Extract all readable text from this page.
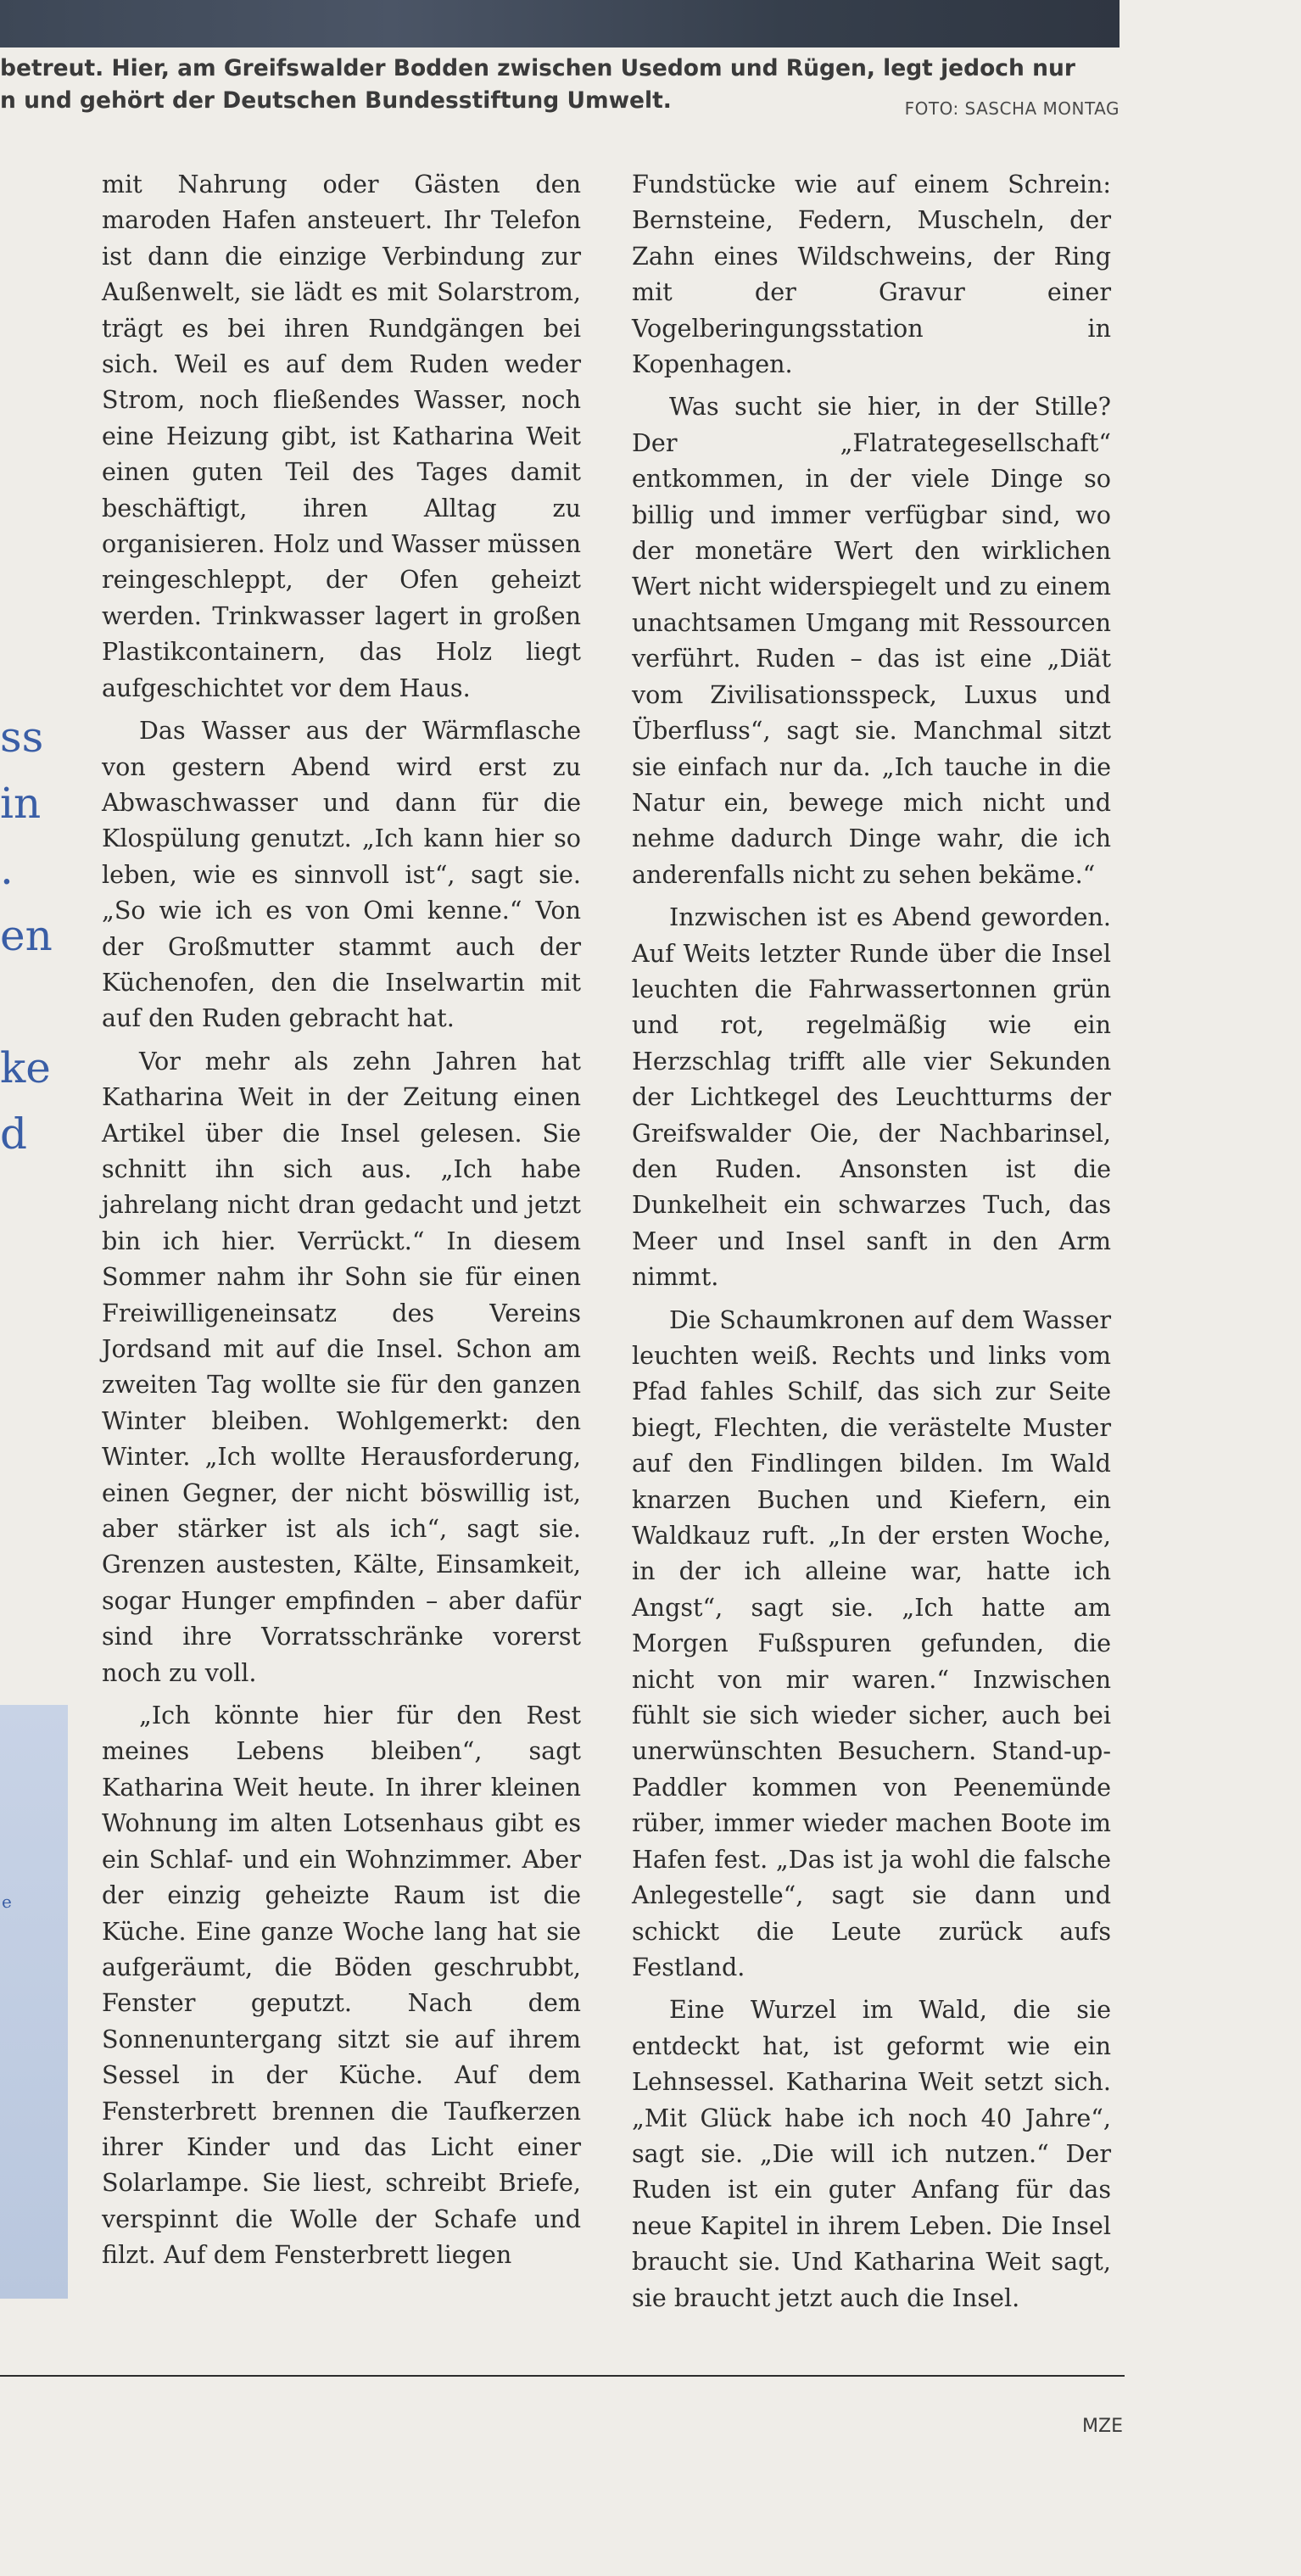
betreut. Hier, am Greifswalder Bodden zwischen Usedom und Rügen, legt jedoch nur
n und gehört der Deutschen Bundesstiftung Umwelt.	FOTO: SASCHA MONTAG
ss
in
.
en
ke
d
e

mit Nahrung oder Gästen den maroden Hafen ansteuert. Ihr Telefon ist dann die einzige Verbindung zur Außenwelt, sie lädt es mit Solarstrom, trägt es bei ihren Rundgängen bei sich. Weil es auf dem Ruden weder Strom, noch fließendes Wasser, noch eine Heizung gibt, ist Katharina Weit einen guten Teil des Tages damit beschäftigt, ihren Alltag zu organisieren. Holz und Wasser müssen reingeschleppt, der Ofen geheizt werden. Trinkwasser lagert in großen Plastikcontainern, das Holz liegt aufgeschichtet vor dem Haus.

Das Wasser aus der Wärmflasche von gestern Abend wird erst zu Abwaschwasser und dann für die Klospülung genutzt. „Ich kann hier so leben, wie es sinnvoll ist“, sagt sie. „So wie ich es von Omi kenne.“ Von der Großmutter stammt auch der Küchenofen, den die Inselwartin mit auf den Ruden gebracht hat.

Vor mehr als zehn Jahren hat Katharina Weit in der Zeitung einen Artikel über die Insel gelesen. Sie schnitt ihn sich aus. „Ich habe jahrelang nicht dran gedacht und jetzt bin ich hier. Verrückt.“ In diesem Sommer nahm ihr Sohn sie für einen Freiwilligeneinsatz des Vereins Jordsand mit auf die Insel. Schon am zweiten Tag wollte sie für den ganzen Winter bleiben. Wohlgemerkt: den Winter. „Ich wollte Herausforderung, einen Gegner, der nicht böswillig ist, aber stärker ist als ich“, sagt sie. Grenzen austesten, Kälte, Einsamkeit, sogar Hunger empfinden – aber dafür sind ihre Vorratsschränke vorerst noch zu voll.

„Ich könnte hier für den Rest meines Lebens bleiben“, sagt Katharina Weit heute. In ihrer kleinen Wohnung im alten Lotsenhaus gibt es ein Schlaf- und ein Wohnzimmer. Aber der einzig geheizte Raum ist die Küche. Eine ganze Woche lang hat sie aufgeräumt, die Böden geschrubbt, Fenster geputzt. Nach dem Sonnenuntergang sitzt sie auf ihrem Sessel in der Küche. Auf dem Fensterbrett brennen die Taufkerzen ihrer Kinder und das Licht einer Solarlampe. Sie liest, schreibt Briefe, verspinnt die Wolle der Schafe und filzt. Auf dem Fensterbrett liegen

Fundstücke wie auf einem Schrein: Bernsteine, Federn, Muscheln, der Zahn eines Wildschweins, der Ring mit der Gravur einer Vogelberingungsstation in Kopenhagen.

Was sucht sie hier, in der Stille? Der „Flatrategesellschaft“ entkommen, in der viele Dinge so billig und immer verfügbar sind, wo der monetäre Wert den wirklichen Wert nicht widerspiegelt und zu einem unachtsamen Umgang mit Ressourcen verführt. Ruden – das ist eine „Diät vom Zivilisationsspeck, Luxus und Überfluss“, sagt sie. Manchmal sitzt sie einfach nur da. „Ich tauche in die Natur ein, bewege mich nicht und nehme dadurch Dinge wahr, die ich anderenfalls nicht zu sehen bekäme.“

Inzwischen ist es Abend geworden. Auf Weits letzter Runde über die Insel leuchten die Fahrwassertonnen grün und rot, regelmäßig wie ein Herzschlag trifft alle vier Sekunden der Lichtkegel des Leuchtturms der Greifswalder Oie, der Nachbarinsel, den Ruden. Ansonsten ist die Dunkelheit ein schwarzes Tuch, das Meer und Insel sanft in den Arm nimmt.

Die Schaumkronen auf dem Wasser leuchten weiß. Rechts und links vom Pfad fahles Schilf, das sich zur Seite biegt, Flechten, die verästelte Muster auf den Findlingen bilden. Im Wald knarzen Buchen und Kiefern, ein Waldkauz ruft. „In der ersten Woche, in der ich alleine war, hatte ich Angst“, sagt sie. „Ich hatte am Morgen Fußspuren gefunden, die nicht von mir waren.“ Inzwischen fühlt sie sich wieder sicher, auch bei unerwünschten Besuchern. Stand-up-Paddler kommen von Peenemünde rüber, immer wieder machen Boote im Hafen fest. „Das ist ja wohl die falsche Anlegestelle“, sagt sie dann und schickt die Leute zurück aufs Festland.

Eine Wurzel im Wald, die sie entdeckt hat, ist geformt wie ein Lehnsessel. Katharina Weit setzt sich. „Mit Glück habe ich noch 40 Jahre“, sagt sie. „Die will ich nutzen.“ Der Ruden ist ein guter Anfang für das neue Kapitel in ihrem Leben. Die Insel braucht sie. Und Katharina Weit sagt, sie braucht jetzt auch die Insel.

MZE
